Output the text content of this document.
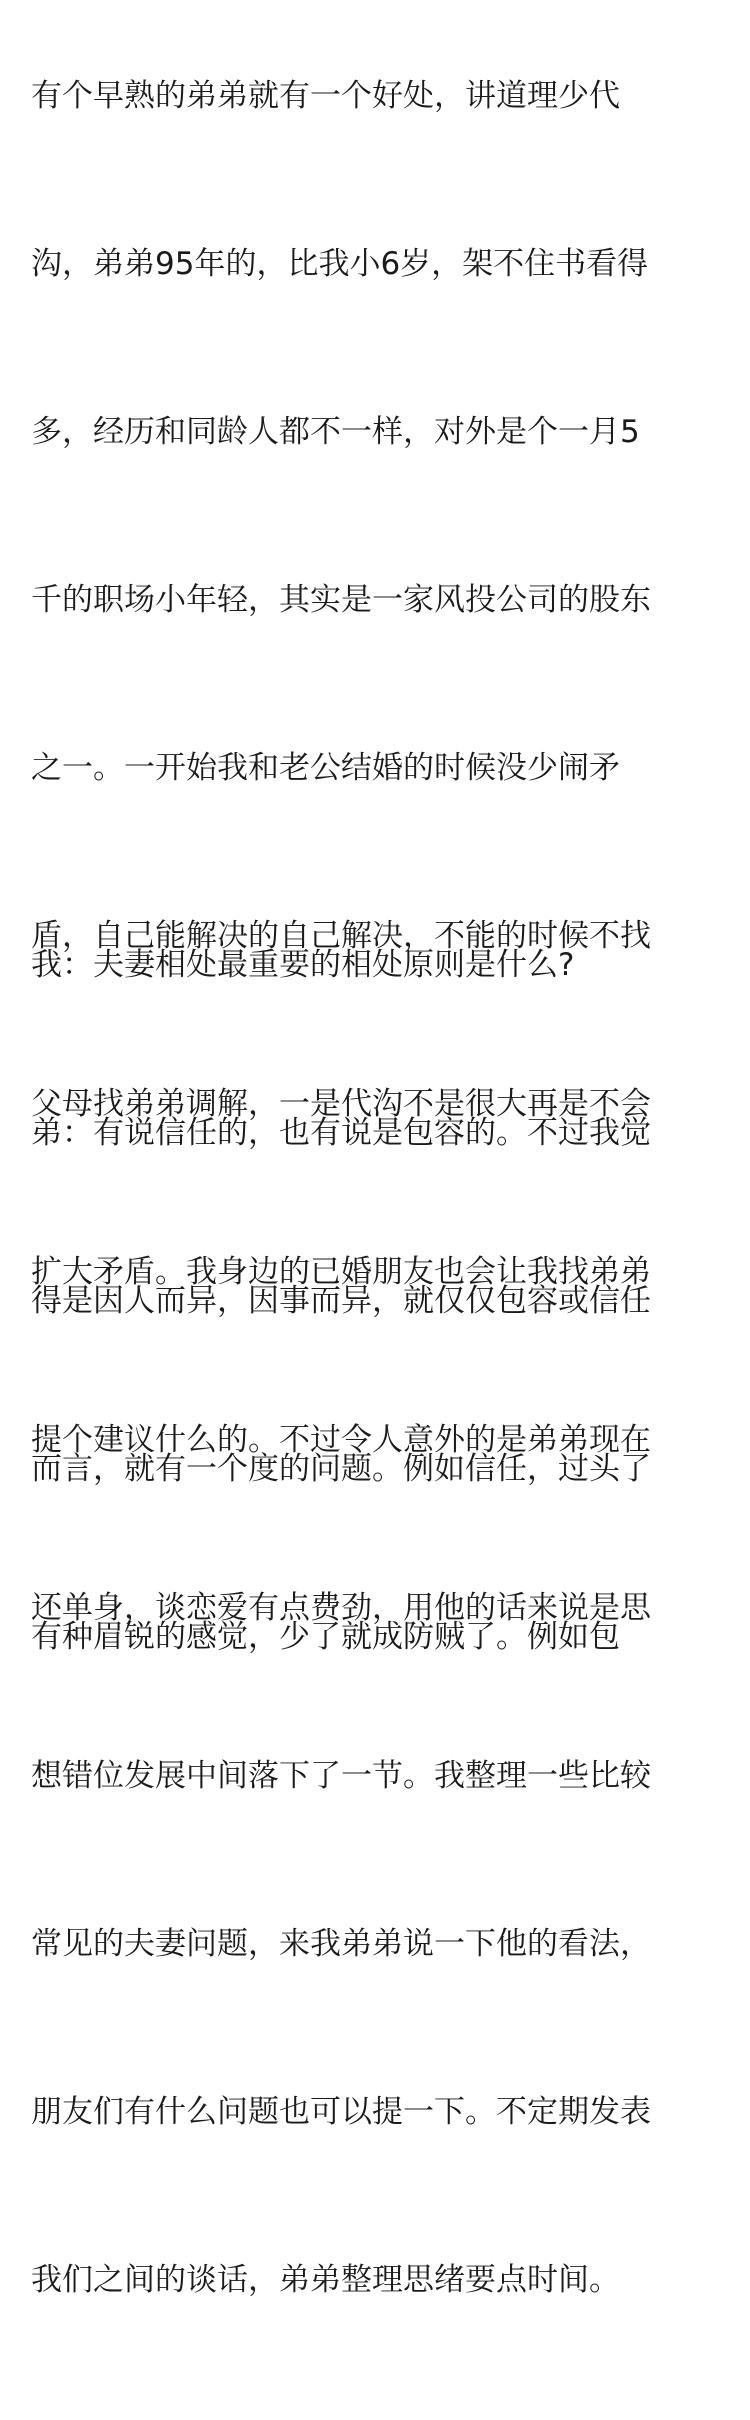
有个早熟的弟弟就有一个好处，讲道理少代

沟，弟弟95年的，比我小6岁，架不住书看得

多，经历和同龄人都不一样，对外是个一月5

千的职场小年轻，其实是一家风投公司的股东

之一。一开始我和老公结婚的时候没少闹矛

盾，自己能解决的自己解决，不能的时候不找

父母找弟弟调解，一是代沟不是很大再是不会

扩大矛盾。我身边的已婚朋友也会让我找弟弟

提个建议什么的。不过令人意外的是弟弟现在

还单身，谈恋爱有点费劲，用他的话来说是思

想错位发展中间落下了一节。我整理一些比较

常见的夫妻问题，来我弟弟说一下他的看法，

朋友们有什么问题也可以提一下。不定期发表

我们之间的谈话，弟弟整理思绪要点时间。

我：夫妻相处最重要的相处原则是什么?

弟：有说信任的，也有说是包容的。不过我觉

得是因人而异，因事而异，就仅仅包容或信任

而言，就有一个度的问题。例如信任，过头了

有种眉锐的感觉，少了就成防贼了。例如包
